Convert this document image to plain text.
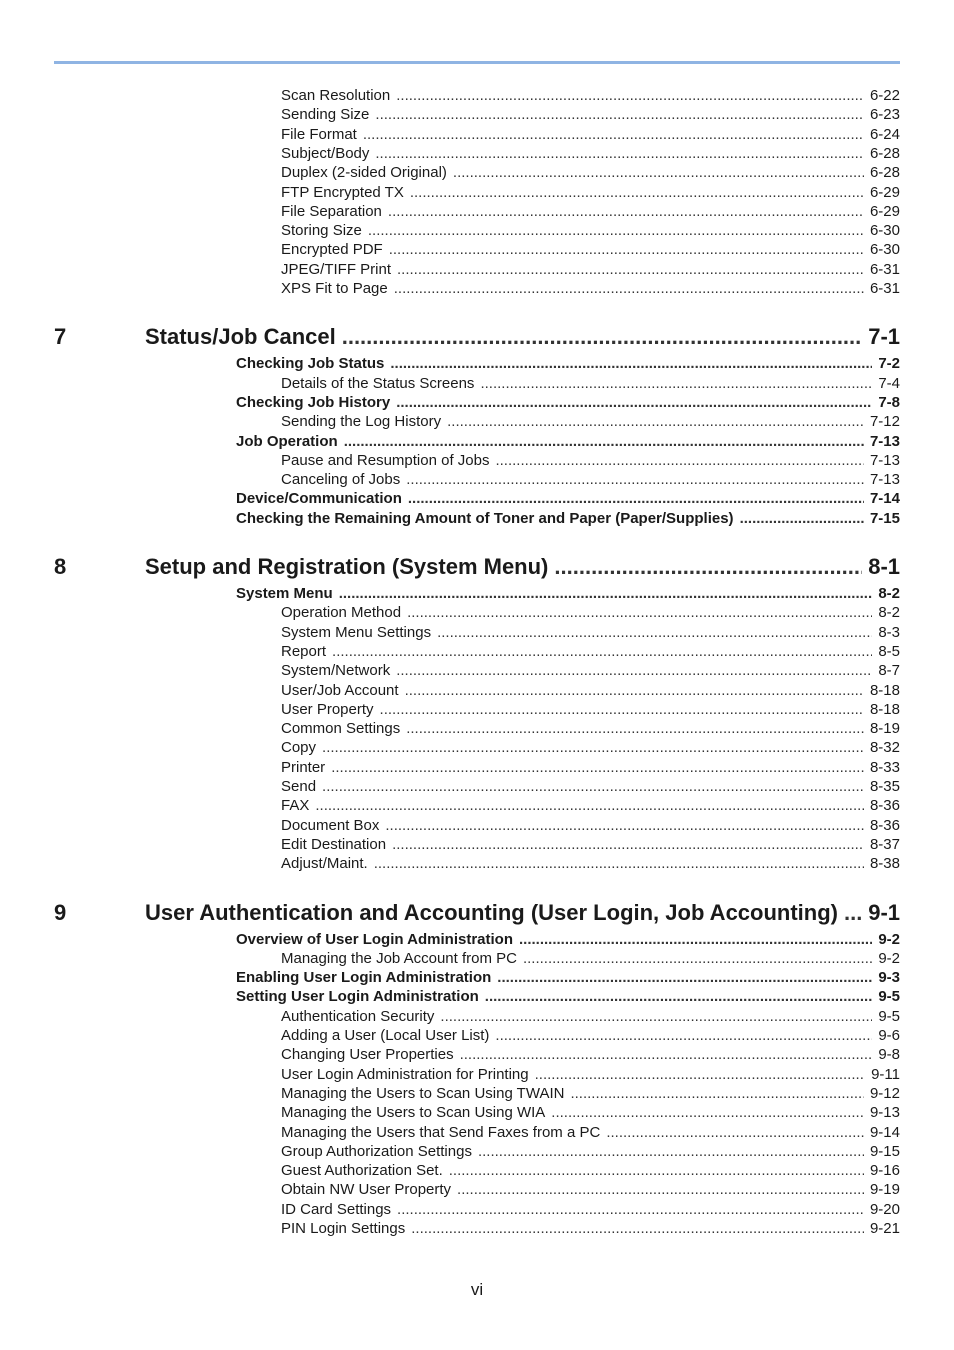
Scan Resolution .....	6-22
Sending Size .....	6-23
File Format .....	6-24
Subject/Body .....	6-28
Duplex (2-sided Original) .....	6-28
FTP Encrypted TX .....	6-29
File Separation .....	6-29
Storing Size .....	6-30
Encrypted PDF .....	6-30
JPEG/TIFF Print .....	6-31
XPS Fit to Page .....	6-31
7	Status/Job Cancel .....	7-1
Checking Job Status .....	7-2
Details of the Status Screens .....	7-4
Checking Job History .....	7-8
Sending the Log History .....	7-12
Job Operation .....	7-13
Pause and Resumption of Jobs .....	7-13
Canceling of Jobs .....	7-13
Device/Communication .....	7-14
Checking the Remaining Amount of Toner and Paper (Paper/Supplies) .....	7-15
8	Setup and Registration (System Menu) .....	8-1
System Menu .....	8-2
Operation Method .....	8-2
System Menu Settings .....	8-3
Report .....	8-5
System/Network .....	8-7
User/Job Account .....	8-18
User Property .....	8-18
Common Settings .....	8-19
Copy .....	8-32
Printer .....	8-33
Send .....	8-35
FAX .....	8-36
Document Box .....	8-36
Edit Destination .....	8-37
Adjust/Maint. .....	8-38
9	User Authentication and Accounting (User Login, Job Accounting) ..... 9-1
Overview of User Login Administration .....	9-2
Managing the Job Account from PC .....	9-2
Enabling User Login Administration .....	9-3
Setting User Login Administration .....	9-5
Authentication Security .....	9-5
Adding a User (Local User List) .....	9-6
Changing User Properties .....	9-8
User Login Administration for Printing .....	9-11
Managing the Users to Scan Using TWAIN .....	9-12
Managing the Users to Scan Using WIA .....	9-13
Managing the Users that Send Faxes from a PC .....	9-14
Group Authorization Settings .....	9-15
Guest Authorization Set. .....	9-16
Obtain NW User Property .....	9-19
ID Card Settings .....	9-20
PIN Login Settings .....	9-21
vi
